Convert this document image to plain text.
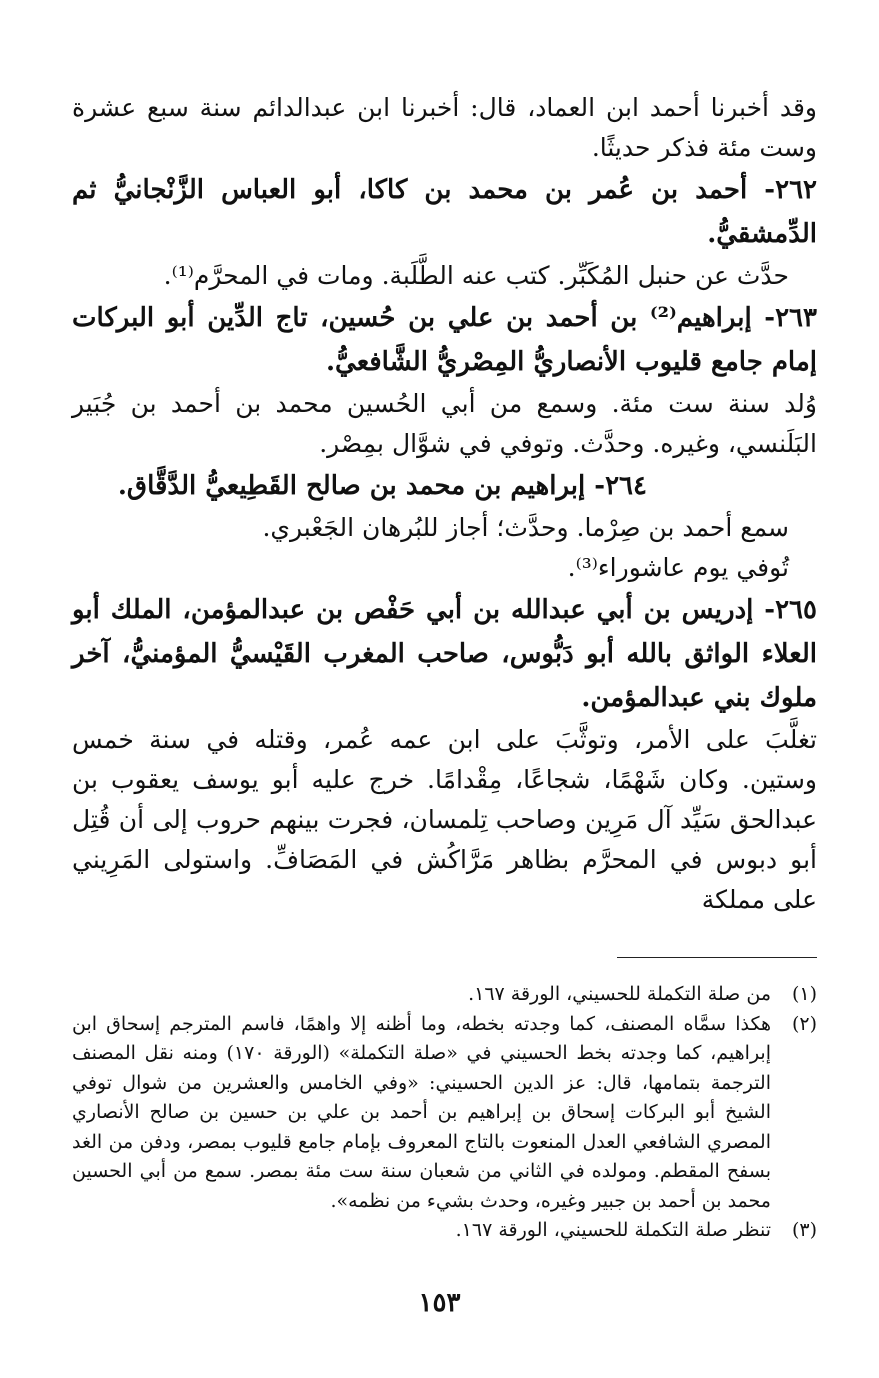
وقد أخبرنا أحمد ابن العماد، قال: أخبرنا ابن عبدالدائم سنة سبع عشرة وست مئة فذكر حديثًا.

٢٦٢- أحمد بن عُمر بن محمد بن كاكا، أبو العباس الزَّنْجانيُّ ثم الدِّمشقيُّ.

حدَّث عن حنبل المُكَبِّر. كتب عنه الطَّلَبة. ومات في المحرَّم⁽¹⁾.

٢٦٣- إبراهيم⁽²⁾ بن أحمد بن علي بن حُسين، تاج الدِّين أبو البركات إمام جامع قليوب الأنصاريُّ المِصْريُّ الشَّافعيُّ.

وُلد سنة ست مئة. وسمع من أبي الحُسين محمد بن أحمد بن جُبَير البَلَنسي، وغيره. وحدَّث. وتوفي في شوَّال بمِصْر.

٢٦٤- إبراهيم بن محمد بن صالح القَطِيعيُّ الدَّقَّاق.

سمع أحمد بن صِرْما. وحدَّث؛ أجاز للبُرهان الجَعْبري.

تُوفي يوم عاشوراء⁽³⁾.

٢٦٥- إدريس بن أبي عبدالله بن أبي حَفْص بن عبدالمؤمن، الملك أبو العلاء الواثق بالله أبو دَبُّوس، صاحب المغرب القَيْسيُّ المؤمنيُّ، آخر ملوك بني عبدالمؤمن.

تغلَّبَ على الأمر، وتوثَّبَ على ابن عمه عُمر، وقتله في سنة خمس وستين. وكان شَهْمًا، شجاعًا، مِقْدامًا. خرج عليه أبو يوسف يعقوب بن عبدالحق سَيِّد آل مَرِين وصاحب تِلمسان، فجرت بينهم حروب إلى أن قُتِل أبو دبوس في المحرَّم بظاهر مَرَّاكُش في المَصَافِّ. واستولى المَرِيني على مملكة

(١)
من صلة التكملة للحسيني، الورقة ١٦٧.
(٢)
هكذا سمَّاه المصنف، كما وجدته بخطه، وما أظنه إلا واهمًا، فاسم المترجم إسحاق ابن إبراهيم، كما وجدته بخط الحسيني في «صلة التكملة» (الورقة ١٧٠) ومنه نقل المصنف الترجمة بتمامها، قال: عز الدين الحسيني: «وفي الخامس والعشرين من شوال توفي الشيخ أبو البركات إسحاق بن إبراهيم بن أحمد بن علي بن حسين بن صالح الأنصاري المصري الشافعي العدل المنعوت بالتاج المعروف بإمام جامع قليوب بمصر، ودفن من الغد بسفح المقطم. ومولده في الثاني من شعبان سنة ست مئة بمصر. سمع من أبي الحسين محمد بن أحمد بن جبير وغيره، وحدث بشيء من نظمه».
(٣)
تنظر صلة التكملة للحسيني، الورقة ١٦٧.
١٥٣
